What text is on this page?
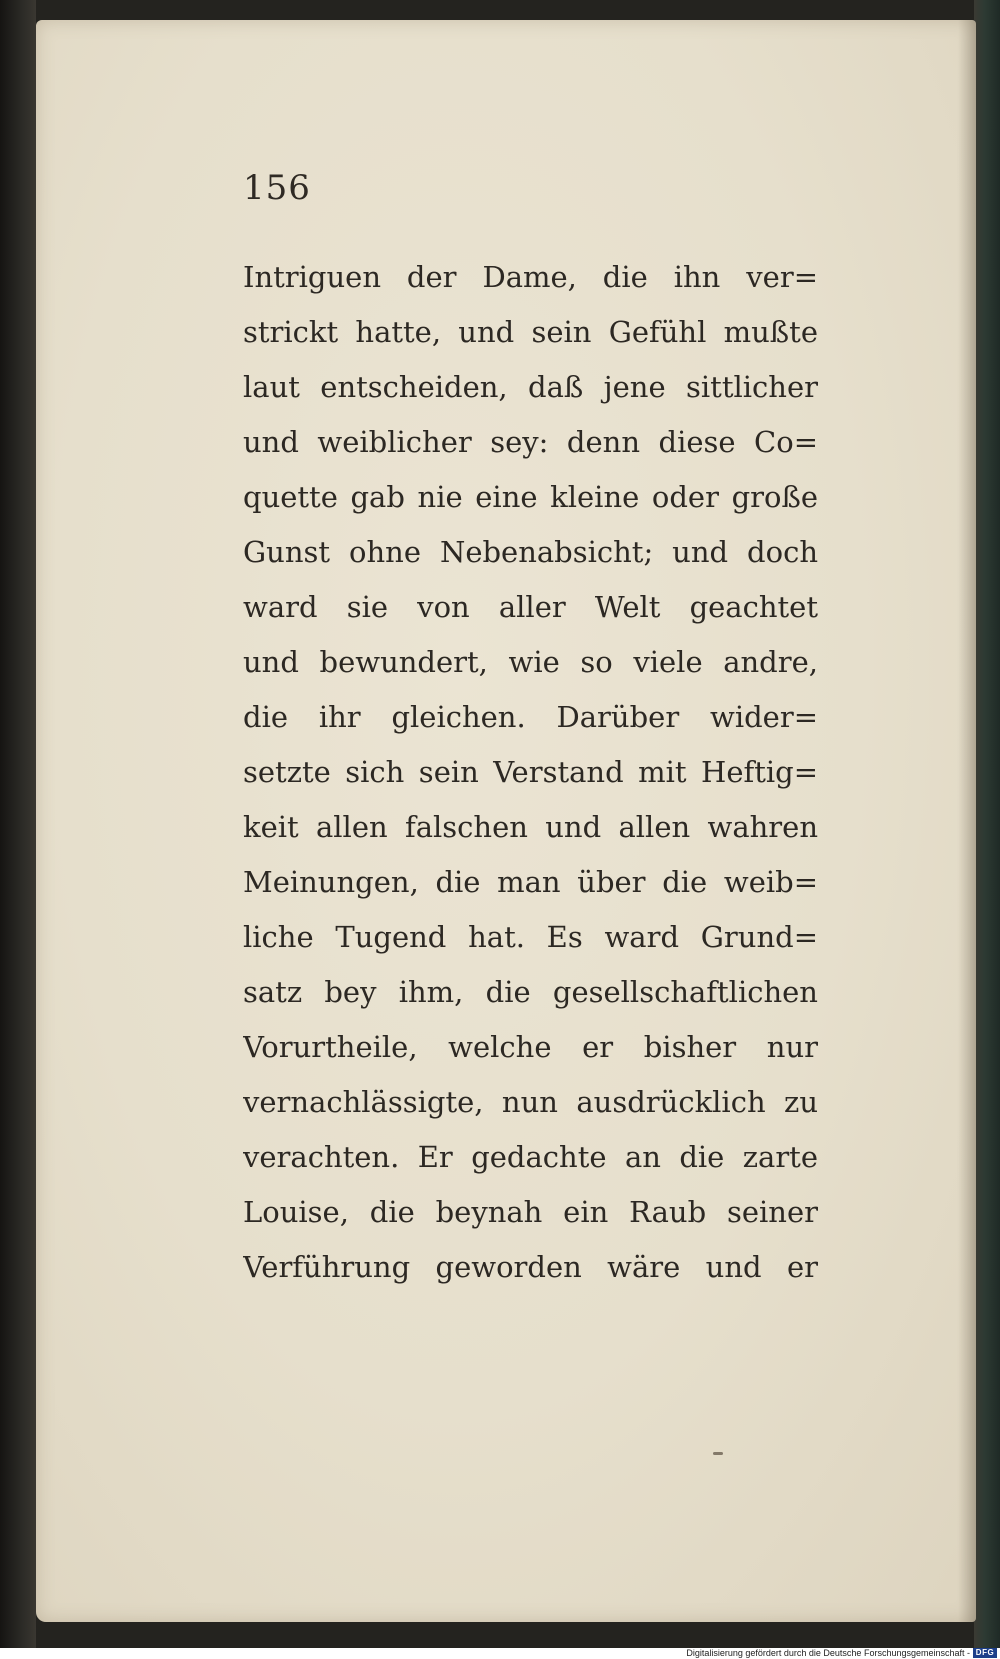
156
Intriguen der Dame, die ihn ver=
strickt hatte, und sein Gefühl mußte
laut entscheiden, daß jene sittlicher
und weiblicher sey: denn diese Co=
quette gab nie eine kleine oder große
Gunst ohne Nebenabsicht; und doch
ward sie von aller Welt geachtet
und bewundert, wie so viele andre,
die ihr gleichen. Darüber wider=
setzte sich sein Verstand mit Heftig=
keit allen falschen und allen wahren
Meinungen, die man über die weib=
liche Tugend hat. Es ward Grund=
satz bey ihm, die gesellschaftlichen
Vorurtheile, welche er bisher nur
vernachlässigte, nun ausdrücklich zu
verachten. Er gedachte an die zarte
Louise, die beynah ein Raub seiner
Verführung geworden wäre und er
Digitalisierung gefördert durch die Deutsche Forschungsgemeinschaft - DFG
